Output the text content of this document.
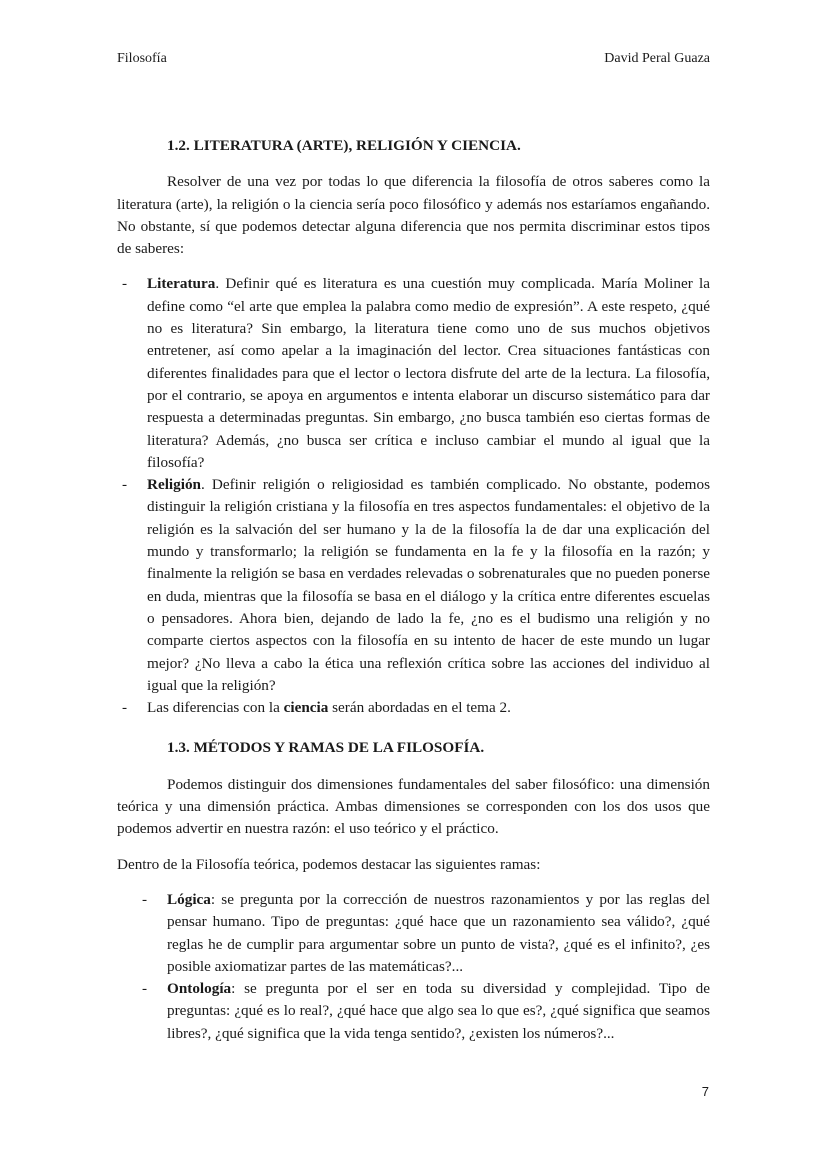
Filosofía	David Peral Guaza
1.2. LITERATURA (ARTE), RELIGIÓN Y CIENCIA.

Resolver de una vez por todas lo que diferencia la filosofía de otros saberes como la literatura (arte), la religión o la ciencia sería poco filosófico y además nos estaríamos engañando. No obstante, sí que podemos detectar alguna diferencia que nos permita discriminar estos tipos de saberes:

- Literatura. Definir qué es literatura es una cuestión muy complicada. María Moliner la define como “el arte que emplea la palabra como medio de expresión”. A este respeto, ¿qué no es literatura? Sin embargo, la literatura tiene como uno de sus muchos objetivos entretener, así como apelar a la imaginación del lector. Crea situaciones fantásticas con diferentes finalidades para que el lector o lectora disfrute del arte de la lectura. La filosofía, por el contrario, se apoya en argumentos e intenta elaborar un discurso sistemático para dar respuesta a determinadas preguntas. Sin embargo, ¿no busca también eso ciertas formas de literatura? Además, ¿no busca ser crítica e incluso cambiar el mundo al igual que la filosofía?
- Religión. Definir religión o religiosidad es también complicado. No obstante, podemos distinguir la religión cristiana y la filosofía en tres aspectos fundamentales: el objetivo de la religión es la salvación del ser humano y la de la filosofía la de dar una explicación del mundo y transformarlo; la religión se fundamenta en la fe y la filosofía en la razón; y finalmente la religión se basa en verdades relevadas o sobrenaturales que no pueden ponerse en duda, mientras que la filosofía se basa en el diálogo y la crítica entre diferentes escuelas o pensadores. Ahora bien, dejando de lado la fe, ¿no es el budismo una religión y no comparte ciertos aspectos con la filosofía en su intento de hacer de este mundo un lugar mejor? ¿No lleva a cabo la ética una reflexión crítica sobre las acciones del individuo al igual que la religión?
- Las diferencias con la ciencia serán abordadas en el tema 2.
1.3. MÉTODOS Y RAMAS DE LA FILOSOFÍA.

Podemos distinguir dos dimensiones fundamentales del saber filosófico: una dimensión teórica y una dimensión práctica. Ambas dimensiones se corresponden con los dos usos que podemos advertir en nuestra razón: el uso teórico y el práctico.

Dentro de la Filosofía teórica, podemos destacar las siguientes ramas:

- Lógica: se pregunta por la corrección de nuestros razonamientos y por las reglas del pensar humano. Tipo de preguntas: ¿qué hace que un razonamiento sea válido?, ¿qué reglas he de cumplir para argumentar sobre un punto de vista?, ¿qué es el infinito?, ¿es posible axiomatizar partes de las matemáticas?...
- Ontología: se pregunta por el ser en toda su diversidad y complejidad. Tipo de preguntas: ¿qué es lo real?, ¿qué hace que algo sea lo que es?, ¿qué significa que seamos libres?, ¿qué significa que la vida tenga sentido?, ¿existen los números?...
7
